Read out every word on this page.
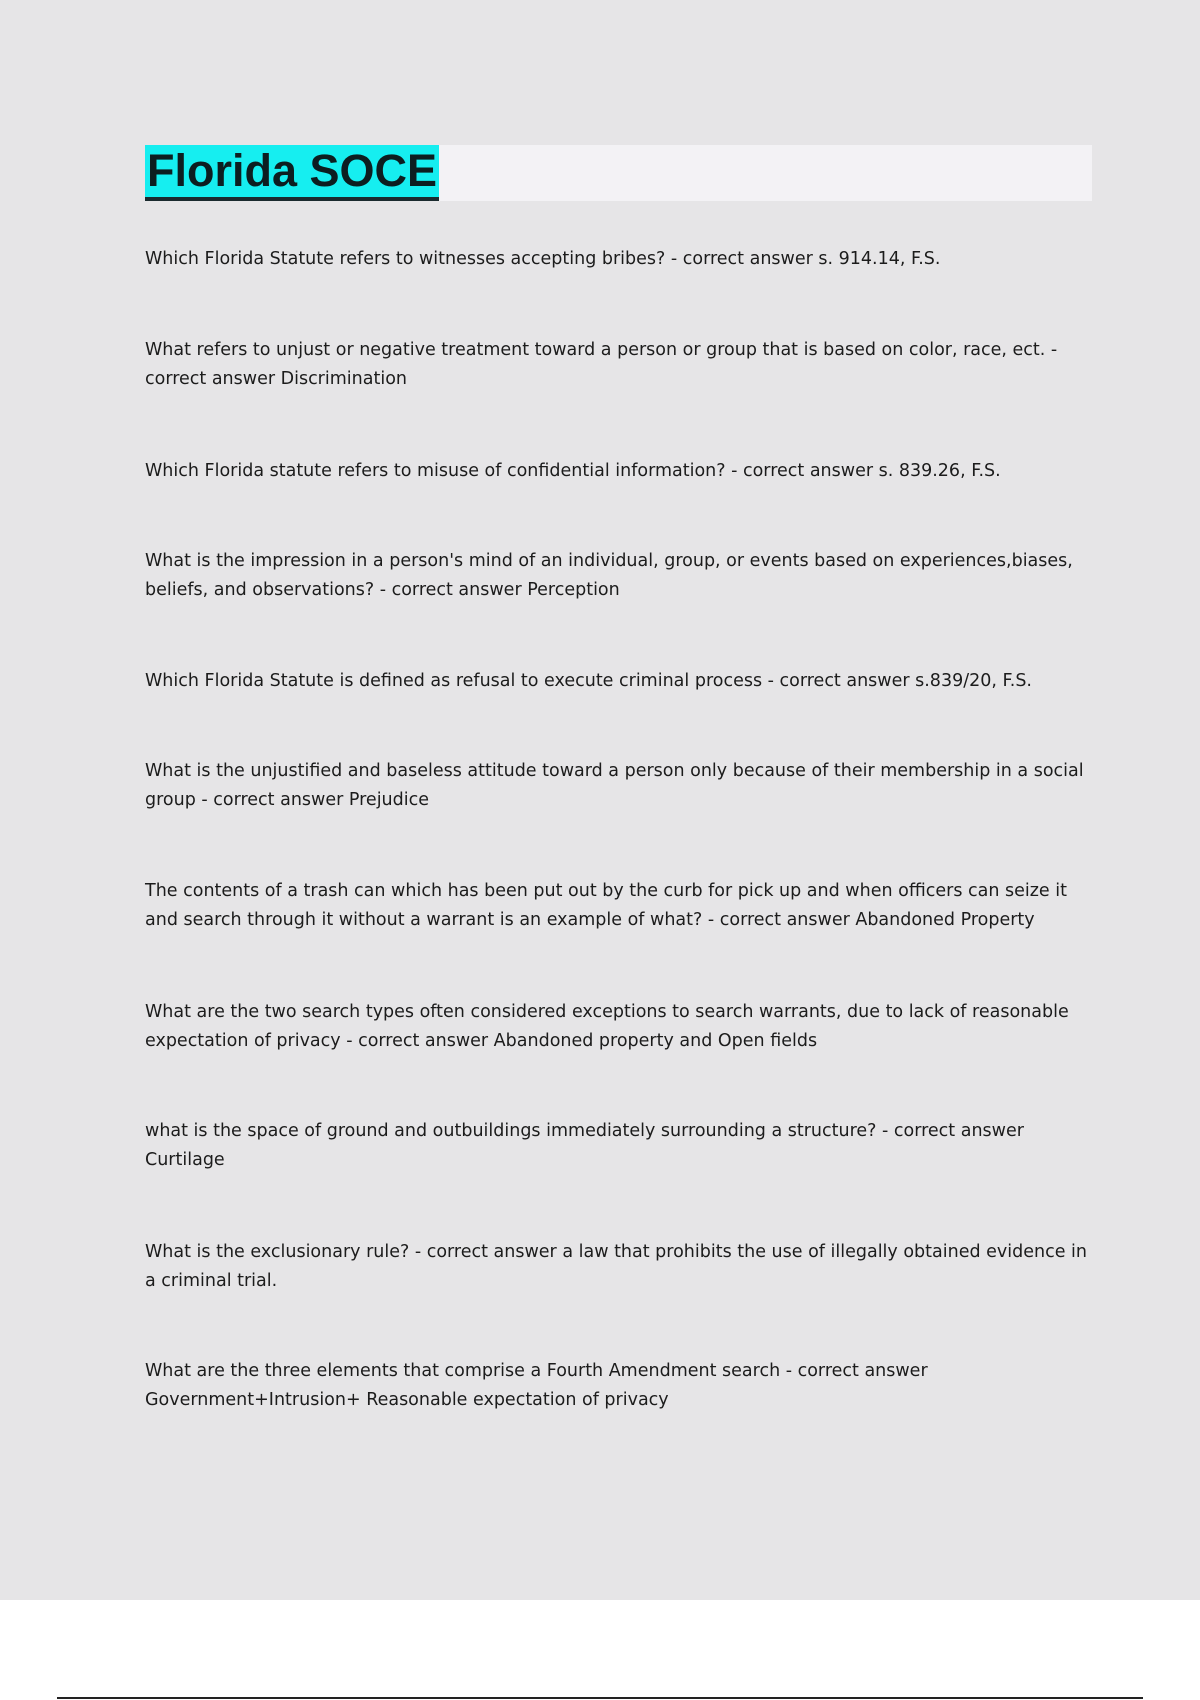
Florida SOCE

Which Florida Statute refers to witnesses accepting bribes? - correct answer s. 914.14, F.S.

What refers to unjust or negative treatment toward a person or group that is based on color, race, ect. - correct answer Discrimination

Which Florida statute refers to misuse of confidential information? - correct answer s. 839.26, F.S.

What is the impression in a person's mind of an individual, group, or events based on experiences,biases, beliefs, and observations? - correct answer Perception

Which Florida Statute is defined as refusal to execute criminal process - correct answer s.839/20, F.S.

What is the unjustified and baseless attitude toward a person only because of their membership in a social group - correct answer Prejudice

The contents of a trash can which has been put out by the curb for pick up and when officers can seize it and search through it without a warrant is an example of what? - correct answer Abandoned Property

What are the two search types often considered exceptions to search warrants, due to lack of reasonable expectation of privacy - correct answer Abandoned property and Open fields

what is the space of ground and outbuildings immediately surrounding a structure? - correct answer Curtilage

What is the exclusionary rule? - correct answer a law that prohibits the use of illegally obtained evidence in a criminal trial.

What are the three elements that comprise a Fourth Amendment search - correct answer Government+Intrusion+ Reasonable expectation of privacy
